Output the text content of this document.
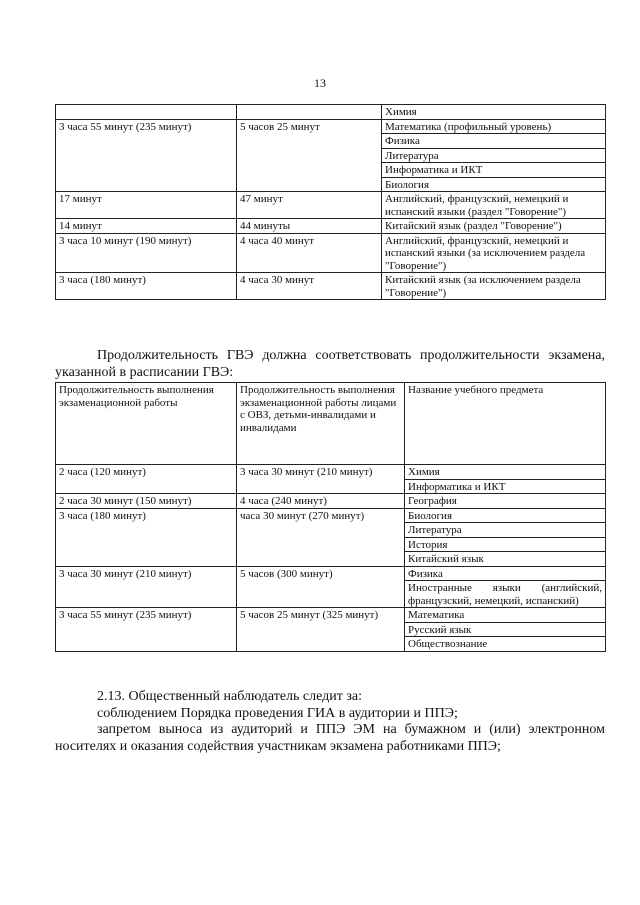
13
		Химия
3 часа 55 минут (235 минут)	5 часов 25 минут	Математика (профильный уровень)
		Физика
		Литература
		Информатика и ИКТ
		Биология
17 минут	47 минут	Английский, французский, немецкий и испанский языки (раздел "Говорение")
14 минут	44 минуты	Китайский язык (раздел "Говорение")
3 часа 10 минут (190 минут)	4 часа 40 минут	Английский, французский, немецкий и испанский языки (за исключением раздела "Говорение")
3 часа (180 минут)	4 часа 30 минут	Китайский язык (за исключением раздела "Говорение")
Продолжительность ГВЭ должна соответствовать продолжительности экзамена, указанной в расписании ГВЭ:
Продолжительность выполнения экзаменационной работы	Продолжительность выполнения экзаменационной работы лицами с ОВЗ, детьми-инвалидами и инвалидами	Название учебного предмета
2 часа (120 минут)	3 часа 30 минут (210 минут)	Химия
		Информатика и ИКТ
2 часа 30 минут (150 минут)	4 часа (240 минут)	География
3 часа (180 минут)	часа 30 минут (270 минут)	Биология
		Литература
		История
		Китайский язык
3 часа 30 минут (210 минут)	5 часов (300 минут)	Физика
		Иностранные языки (английский, французский, немецкий, испанский)
3 часа 55 минут (235 минут)	5 часов 25 минут (325 минут)	Математика
		Русский язык
		Обществознание

2.13. Общественный наблюдатель следит за:

соблюдением Порядка проведения ГИА в аудитории и ППЭ;

запретом выноса из аудиторий и ППЭ ЭМ на бумажном и (или) электронном носителях и оказания содействия участникам экзамена работниками ППЭ;
